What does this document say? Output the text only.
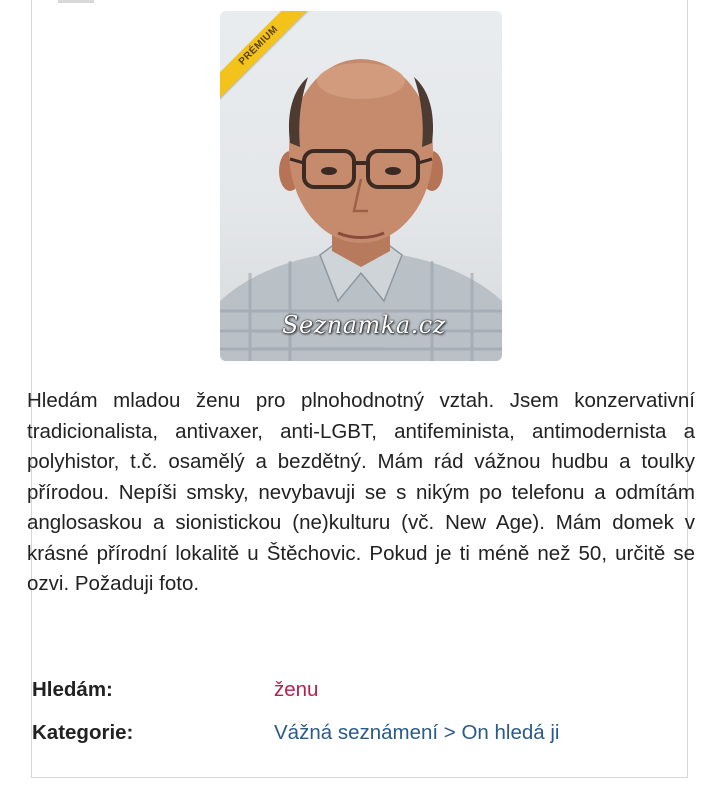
PRÉMIUM
Seznamka.cz

Hledám mladou ženu pro plnohodnotný vztah. Jsem konzervativní tradicionalista, antivaxer, anti-LGBT, antifeminista, antimodernista a polyhistor, t.č. osamělý a bezdětný. Mám rád vážnou hudbu a toulky přírodou. Nepíši smsky, nevybavuji se s nikým po telefonu a odmítám anglosaskou a sionistickou (ne)kulturu (vč. New Age). Mám domek v krásné přírodní lokalitě u Štěchovic. Pokud je ti méně než 50, určitě se ozvi. Požaduji foto.

Hledám:	ženu
Kategorie:	Vážná seznámení > On hledá ji
